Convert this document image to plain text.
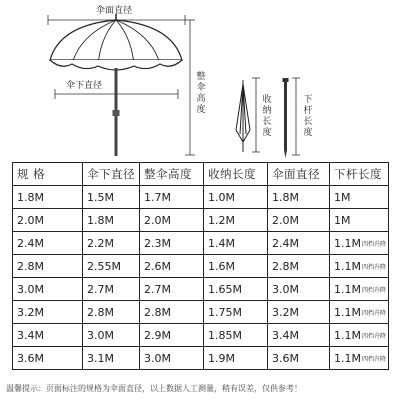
伞面直径
伞下直径
整伞高度
收纳长度
下杆长度
规 格	伞下直径	整伞高度	收纳长度	伞面直径	下杆长度
1.8M	1.5M	1.7M	1.0M	1.8M	1M
2.0M	1.8M	2.0M	1.2M	2.0M	1M
2.4M	2.2M	2.3M	1.4M	2.4M	1.1M四挡升降
2.8M	2.55M	2.6M	1.6M	2.8M	1.1M四挡升降
3.0M	2.7M	2.7M	1.65M	3.0M	1.1M四挡升降
3.2M	2.8M	2.8M	1.75M	3.2M	1.1M四挡升降
3.4M	3.0M	2.9M	1.85M	3.4M	1.1M四挡升降
3.6M	3.1M	3.0M	1.9M	3.6M	1.1M四挡升降
温馨提示：页面标注的规格为伞面直径，以上数据人工测量，稍有误差，仅供参考！
